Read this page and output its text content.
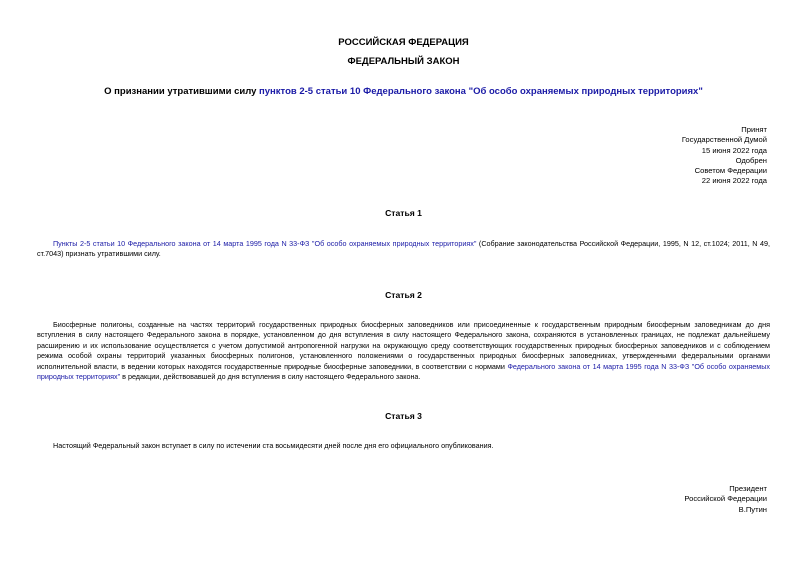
РОССИЙСКАЯ ФЕДЕРАЦИЯ
ФЕДЕРАЛЬНЫЙ ЗАКОН
О признании утратившими силу пунктов 2-5 статьи 10 Федерального закона "Об особо охраняемых природных территориях"
Принят
Государственной Думой
15 июня 2022 года
Одобрен
Советом Федерации
22 июня 2022 года
Статья 1
Пункты 2-5 статьи 10 Федерального закона от 14 марта 1995 года N 33-ФЗ "Об особо охраняемых природных территориях" (Собрание законодательства Российской Федерации, 1995, N 12, ст.1024; 2011, N 49, ст.7043) признать утратившими силу.
Статья 2
Биосферные полигоны, созданные на частях территорий государственных природных биосферных заповедников или присоединенные к государственным природным биосферным заповедникам до дня вступления в силу настоящего Федерального закона в порядке, установленном до дня вступления в силу настоящего Федерального закона, сохраняются в установленных границах, не подлежат дальнейшему расширению и их использование осуществляется с учетом допустимой антропогенной нагрузки на окружающую среду соответствующих государственных природных биосферных заповедников и с соблюдением режима особой охраны территорий указанных биосферных полигонов, установленного положениями о государственных природных биосферных заповедниках, утвержденными федеральными органами исполнительной власти, в ведении которых находятся государственные природные биосферные заповедники, в соответствии с нормами Федерального закона от 14 марта 1995 года N 33-ФЗ "Об особо охраняемых природных территориях" в редакции, действовавшей до дня вступления в силу настоящего Федерального закона.
Статья 3
Настоящий Федеральный закон вступает в силу по истечении ста восьмидесяти дней после дня его официального опубликования.
Президент
Российской Федерации
В.Путин
